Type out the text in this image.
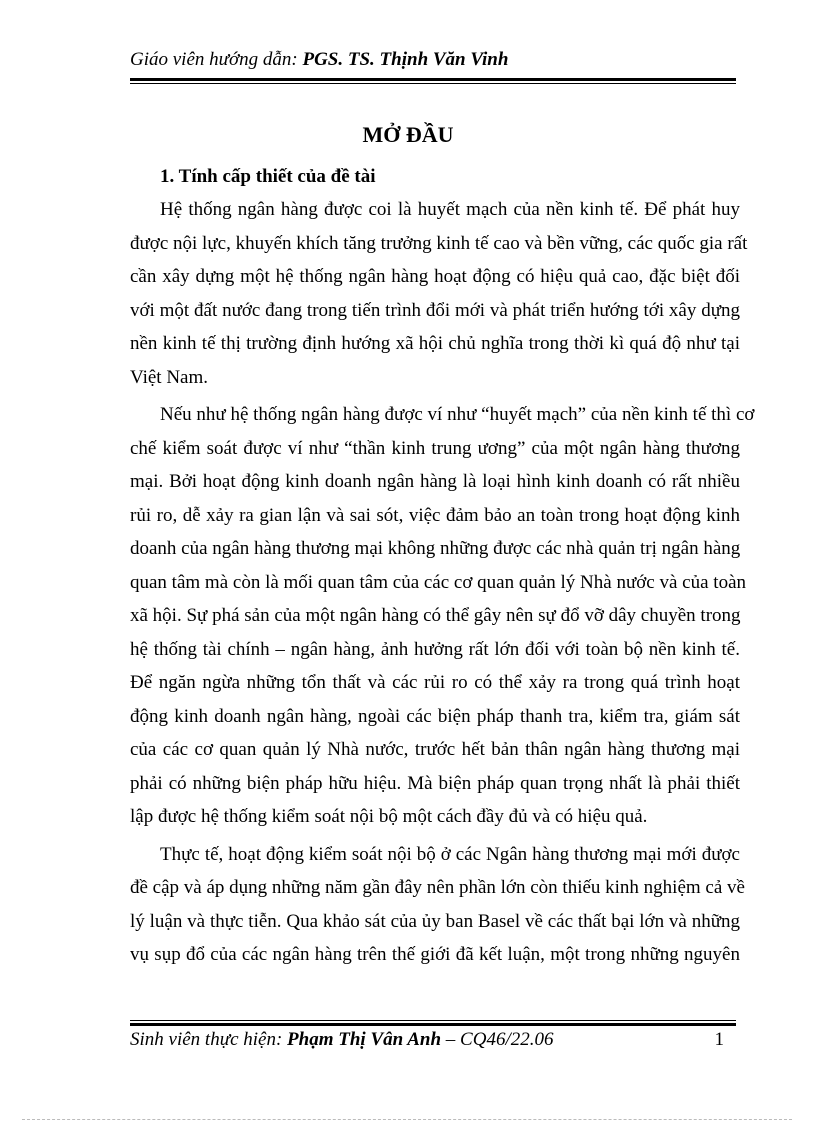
Giáo viên hướng dẫn: PGS. TS. Thịnh Văn Vinh
MỞ ĐẦU

1. Tính cấp thiết của đề tài

Hệ thống ngân hàng được coi là huyết mạch của nền kinh tế. Để phát huy
được nội lực, khuyến khích tăng trưởng kinh tế cao và bền vững, các quốc gia rất
cần xây dựng một hệ thống ngân hàng hoạt động có hiệu quả cao, đặc biệt đối
với một đất nước đang trong tiến trình đổi mới và phát triển hướng tới xây dựng
nền kinh tế thị trường định hướng xã hội chủ nghĩa trong thời kì quá độ như tại
Việt Nam.

Nếu như hệ thống ngân hàng được ví như “huyết mạch” của nền kinh tế thì cơ
chế kiểm soát được ví như “thần kinh trung ương” của một ngân hàng thương
mại. Bởi hoạt động kinh doanh ngân hàng là loại hình kinh doanh có rất nhiều
rủi ro, dễ xảy ra gian lận và sai sót, việc đảm bảo an toàn trong hoạt động kinh
doanh của ngân hàng thương mại không những được các nhà quản trị ngân hàng
quan tâm mà còn là mối quan tâm của các cơ quan quản lý Nhà nước và của toàn
xã hội. Sự phá sản của một ngân hàng có thể gây nên sự đổ vỡ dây chuyền trong
hệ thống tài chính – ngân hàng, ảnh hưởng rất lớn đối với toàn bộ nền kinh tế.
Để ngăn ngừa những tổn thất và các rủi ro có thể xảy ra trong quá trình hoạt
động kinh doanh ngân hàng, ngoài các biện pháp thanh tra, kiểm tra, giám sát
của các cơ quan quản lý Nhà nước, trước hết bản thân ngân hàng thương mại
phải có những biện pháp hữu hiệu. Mà biện pháp quan trọng nhất là phải thiết
lập được hệ thống kiểm soát nội bộ một cách đầy đủ và có hiệu quả.

Thực tế, hoạt động kiểm soát nội bộ ở các Ngân hàng thương mại mới được
đề cập và áp dụng những năm gần đây nên phần lớn còn thiếu kinh nghiệm cả về
lý luận và thực tiễn. Qua khảo sát của ủy ban Basel về các thất bại lớn và những
vụ sụp đổ của các ngân hàng trên thế giới đã kết luận, một trong những nguyên

Sinh viên thực hiện: Phạm Thị Vân Anh – CQ46/22.06	1
